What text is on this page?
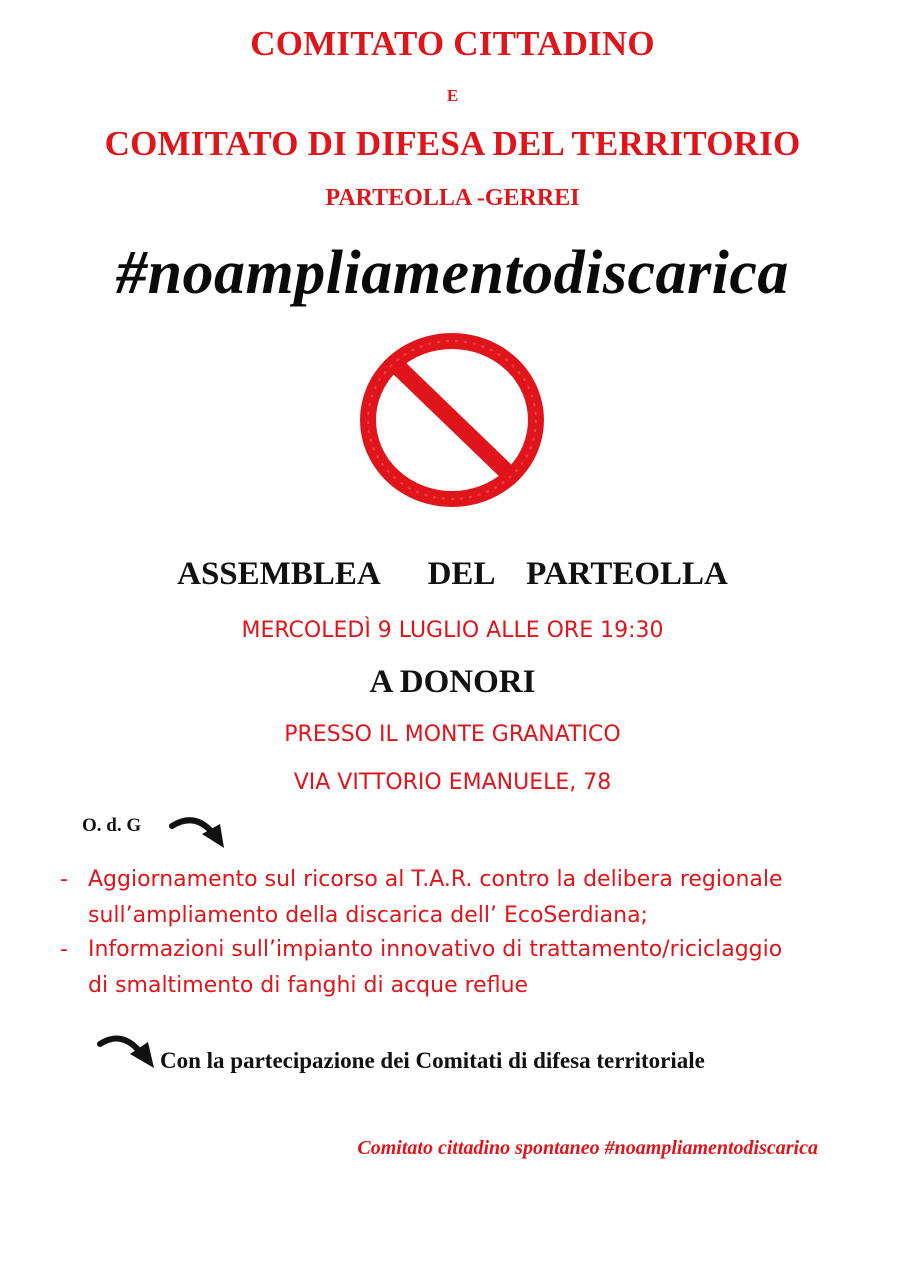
COMITATO CITTADINO
E
COMITATO DI DIFESA DEL TERRITORIO
PARTEOLLA -GERREI
#noampliamentodiscarica
ASSEMBLEA   DEL  PARTEOLLA
MERCOLEDÌ 9 LUGLIO ALLE ORE 19:30
A DONORI
PRESSO IL MONTE GRANATICO
VIA VITTORIO EMANUELE, 78
O. d. G
- Aggiornamento sul ricorso al T.A.R. contro la delibera regionale
sull’ampliamento della discarica dell’ EcoSerdiana;
- Informazioni sull’impianto innovativo di trattamento/riciclaggio
di smaltimento di fanghi di acque reflue
Con la partecipazione dei Comitati di difesa territoriale
Comitato cittadino spontaneo #noampliamentodiscarica
